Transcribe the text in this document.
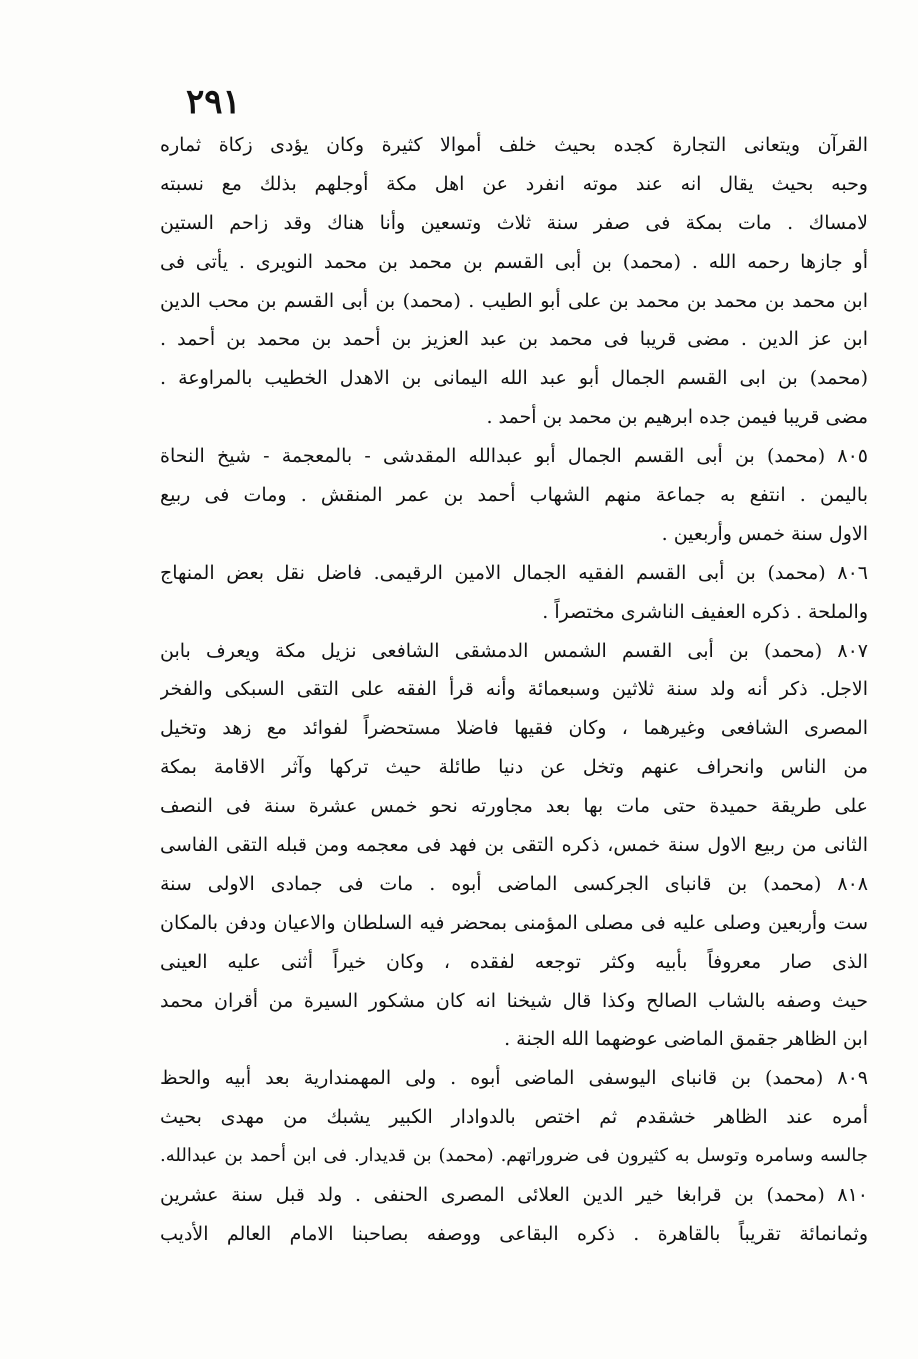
٢٩١
القرآن ويتعانى التجارة كجده بحيث خلف أموالا كثيرة وكان يؤدى زكاة ثماره
وحبه بحيث يقال انه عند موته انفرد عن اهل مكة أوجلهم بذلك مع نسبته
لامساك . مات بمكة فى صفر سنة ثلاث وتسعين وأنا هناك وقد زاحم الستين
أو جازها رحمه الله . (محمد) بن أبى القسم بن محمد بن محمد النويرى . يأتى فى
ابن محمد بن محمد بن محمد بن على أبو الطيب . (محمد) بن أبى القسم بن محب الدين
ابن عز الدين . مضى قريبا فى محمد بن عبد العزيز بن أحمد بن محمد بن أحمد .
(محمد) بن ابى القسم الجمال أبو عبد الله اليمانى بن الاهدل الخطيب بالمراوعة .
مضى قريبا فيمن جده ابرهيم بن محمد بن أحمد .
٨٠٥ (محمد) بن أبى القسم الجمال أبو عبدالله المقدشى - بالمعجمة - شيخ النحاة
باليمن . انتفع به جماعة منهم الشهاب أحمد بن عمر المنقش . ومات فى ربيع
الاول سنة خمس وأربعين .
٨٠٦ (محمد) بن أبى القسم الفقيه الجمال الامين الرقيمى. فاضل نقل بعض المنهاج
والملحة . ذكره العفيف الناشرى مختصراً .
٨٠٧ (محمد) بن أبى القسم الشمس الدمشقى الشافعى نزيل مكة ويعرف بابن
الاجل. ذكر أنه ولد سنة ثلاثين وسبعمائة وأنه قرأ الفقه على التقى السبكى والفخر
المصرى الشافعى وغيرهما ، وكان فقيها فاضلا مستحضراً لفوائد مع زهد وتخيل
من الناس وانحراف عنهم وتخل عن دنيا طائلة حيث تركها وآثر الاقامة بمكة
على طريقة حميدة حتى مات بها بعد مجاورته نحو خمس عشرة سنة فى النصف
الثانى من ربيع الاول سنة خمس، ذكره التقى بن فهد فى معجمه ومن قبله التقى الفاسى
٨٠٨ (محمد) بن قانباى الجركسى الماضى أبوه . مات فى جمادى الاولى سنة
ست وأربعين وصلى عليه فى مصلى المؤمنى بمحضر فيه السلطان والاعيان ودفن بالمكان
الذى صار معروفاً بأبيه وكثر توجعه لفقده ، وكان خيراً أثنى عليه العينى
حيث وصفه بالشاب الصالح وكذا قال شيخنا انه كان مشكور السيرة من أقران محمد
ابن الظاهر جقمق الماضى عوضهما الله الجنة .
٨٠٩ (محمد) بن قانباى اليوسفى الماضى أبوه . ولى المهمندارية بعد أبيه والحظ
أمره عند الظاهر خشقدم ثم اختص بالدوادار الكبير يشبك من مهدى بحيث
جالسه وسامره وتوسل به كثيرون فى ضروراتهم. (محمد) بن قديدار. فى ابن أحمد بن عبدالله.
٨١٠ (محمد) بن قرابغا خير الدين العلائى المصرى الحنفى . ولد قبل سنة عشرين
وثمانمائة تقريباً بالقاهرة . ذكره البقاعى ووصفه بصاحبنا الامام العالم الأديب
